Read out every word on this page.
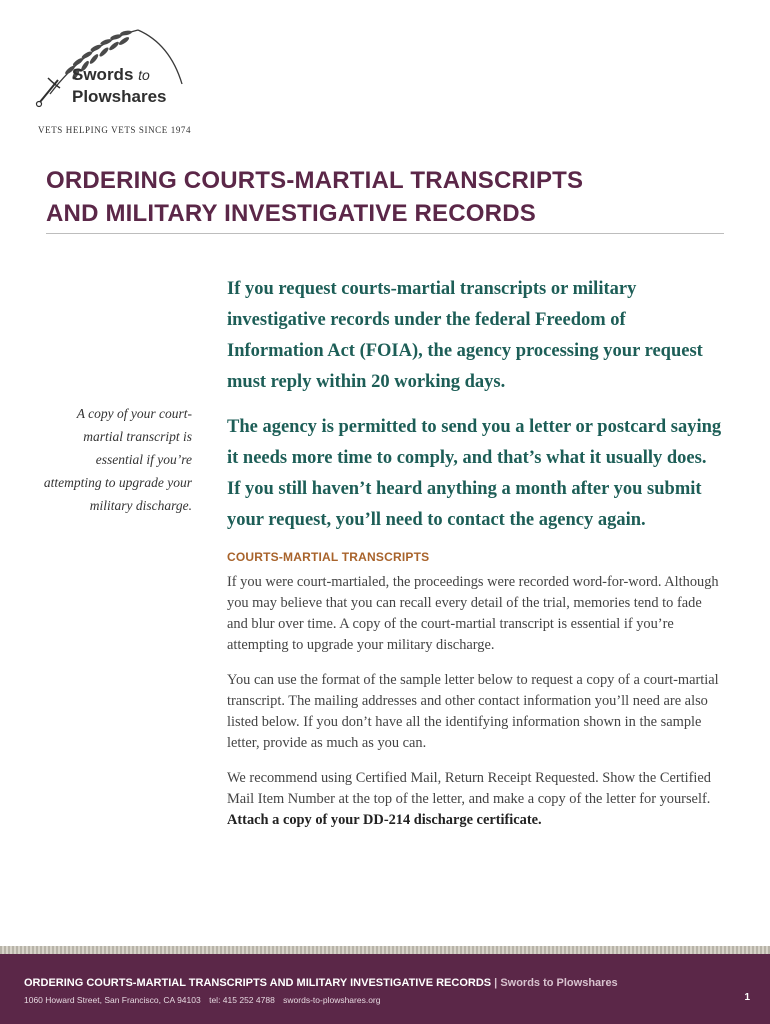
Swords to
Plowshares
VETS HELPING VETS SINCE 1974
ORDERING COURTS-MARTIAL TRANSCRIPTS
AND MILITARY INVESTIGATIVE RECORDS
A copy of your court-martial transcript is essential if you’re attempting to upgrade your military discharge.

If you request courts-martial transcripts or military investigative records under the federal Freedom of Information Act (FOIA), the agency processing your request must reply within 20 working days.

The agency is permitted to send you a letter or postcard saying it needs more time to comply, and that’s what it usually does. If you still haven’t heard anything a month after you submit your request, you’ll need to contact the agency again.

COURTS-MARTIAL TRANSCRIPTS

If you were court-martialed, the proceedings were recorded word-for-word. Although you may believe that you can recall every detail of the trial, memories tend to fade and blur over time. A copy of the court-martial transcript is essential if you’re attempting to upgrade your military discharge.

You can use the format of the sample letter below to request a copy of a court-martial transcript. The mailing addresses and other contact information you’ll need are also listed below. If you don’t have all the identifying information shown in the sample letter, provide as much as you can.

We recommend using Certified Mail, Return Receipt Requested. Show the Certified Mail Item Number at the top of the letter, and make a copy of the letter for yourself. Attach a copy of your DD-214 discharge certificate.

ORDERING COURTS-MARTIAL TRANSCRIPTS AND MILITARY INVESTIGATIVE RECORDS | Swords to Plowshares
1060 Howard Street, San Francisco, CA 94103 tel: 415 252 4788 swords-to-plowshares.org	1
